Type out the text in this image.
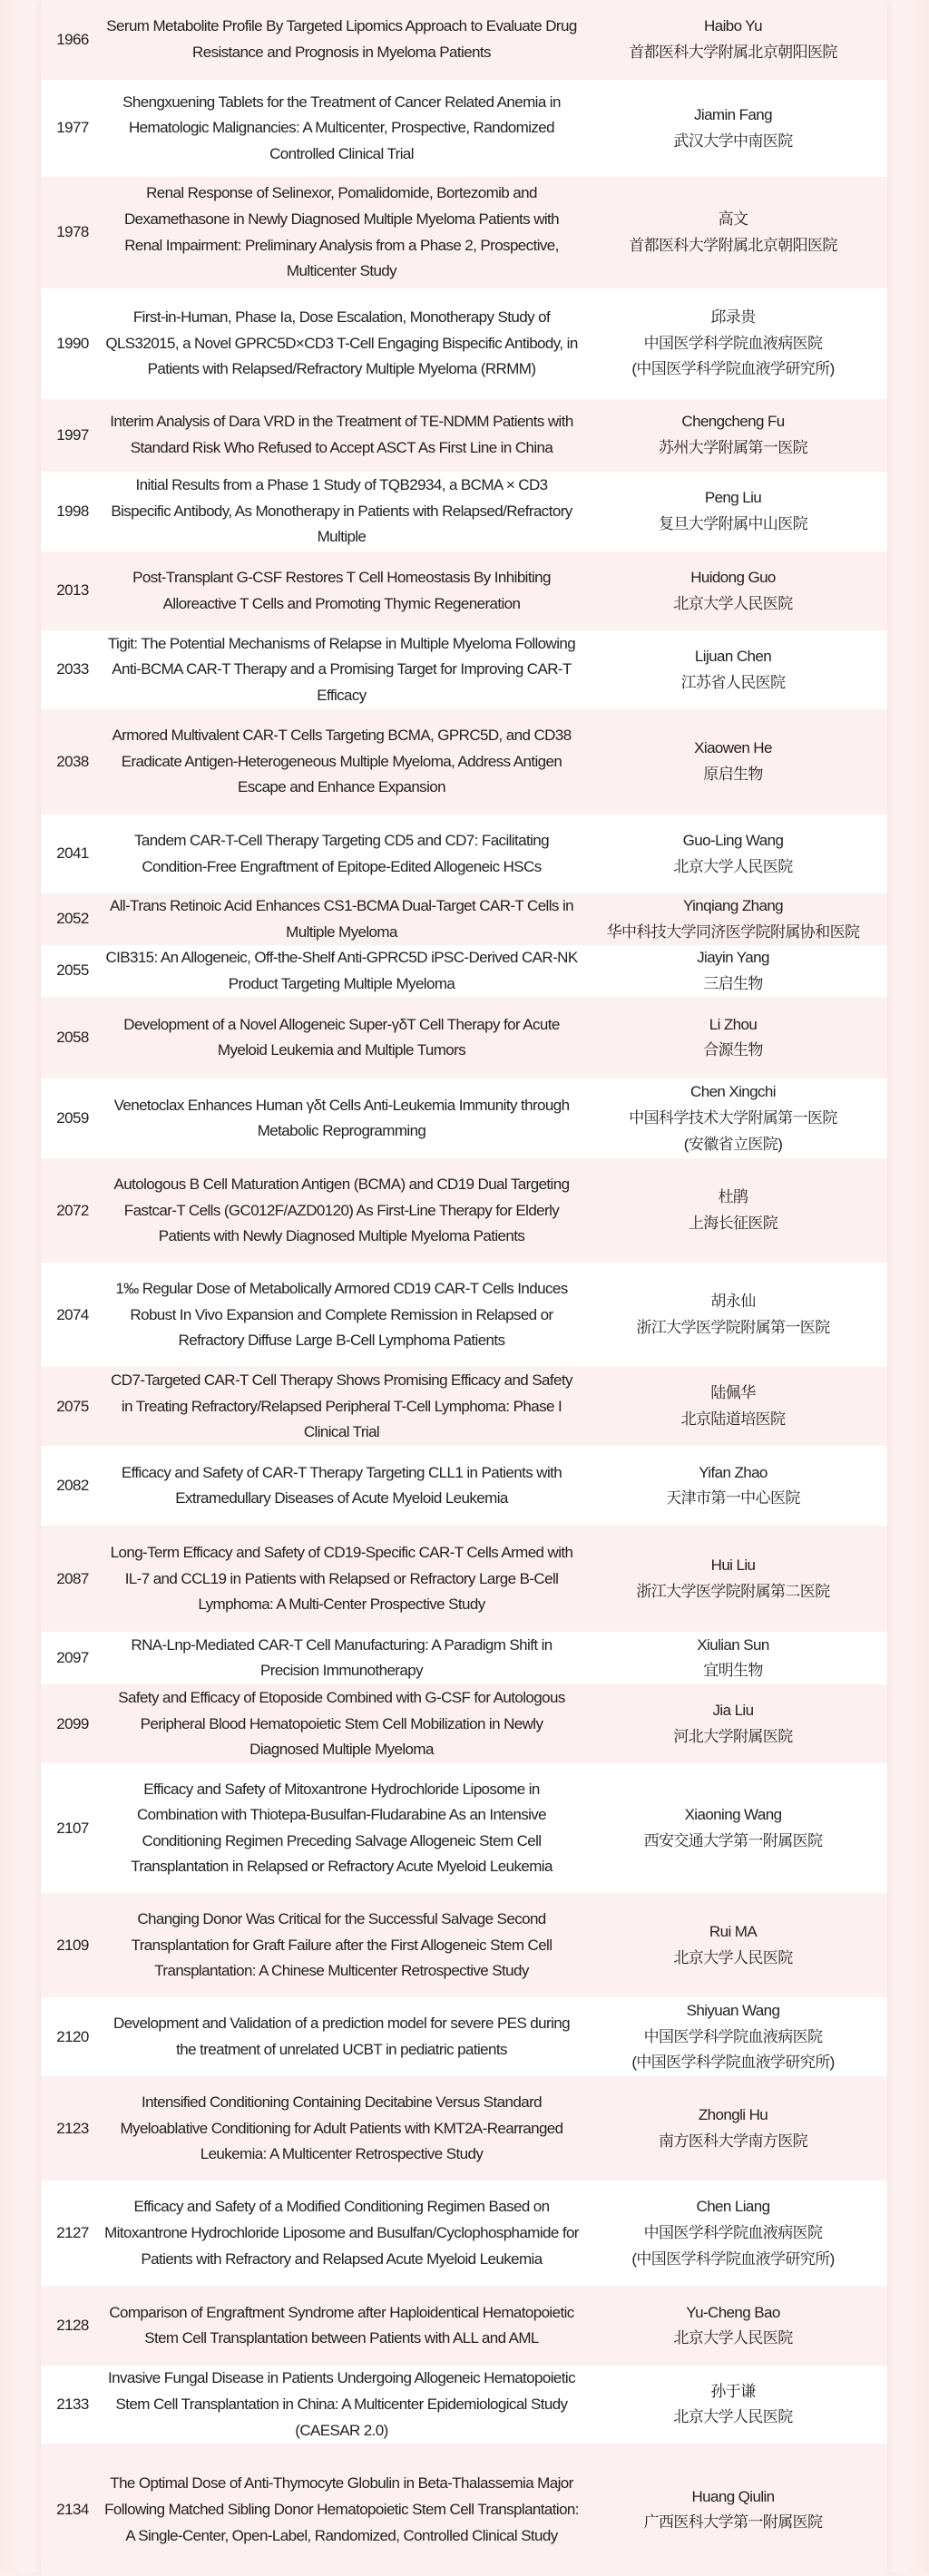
1966	Serum Metabolite Profile By Targeted Lipomics Approach to Evaluate Drug Resistance and Prognosis in Myeloma Patients	Haibo Yu
首都医科大学附属北京朝阳医院

1977	Shengxuening Tablets for the Treatment of Cancer Related Anemia in Hematologic Malignancies: A Multicenter, Prospective, Randomized Controlled Clinical Trial	Jiamin Fang
武汉大学中南医院

1978	Renal Response of Selinexor, Pomalidomide, Bortezomib and Dexamethasone in Newly Diagnosed Multiple Myeloma Patients with Renal Impairment: Preliminary Analysis from a Phase 2, Prospective, Multicenter Study	高文
首都医科大学附属北京朝阳医院

1990	First-in-Human, Phase Ia, Dose Escalation, Monotherapy Study of QLS32015, a Novel GPRC5D×CD3 T-Cell Engaging Bispecific Antibody, in Patients with Relapsed/Refractory Multiple Myeloma (RRMM)	邱录贵
中国医学科学院血液病医院
(中国医学科学院血液学研究所)

1997	Interim Analysis of Dara VRD in the Treatment of TE-NDMM Patients with Standard Risk Who Refused to Accept ASCT As First Line in China	Chengcheng Fu
苏州大学附属第一医院

1998	Initial Results from a Phase 1 Study of TQB2934, a BCMA × CD3 Bispecific Antibody, As Monotherapy in Patients with Relapsed/Refractory Multiple	Peng Liu
复旦大学附属中山医院

2013	Post-Transplant G-CSF Restores T Cell Homeostasis By Inhibiting Alloreactive T Cells and Promoting Thymic Regeneration	Huidong Guo
北京大学人民医院

2033	Tigit: The Potential Mechanisms of Relapse in Multiple Myeloma Following Anti-BCMA CAR-T Therapy and a Promising Target for Improving CAR-T Efficacy	Lijuan Chen
江苏省人民医院

2038	Armored Multivalent CAR-T Cells Targeting BCMA, GPRC5D, and CD38 Eradicate Antigen-Heterogeneous Multiple Myeloma, Address Antigen Escape and Enhance Expansion	Xiaowen He
原启生物

2041	Tandem CAR-T-Cell Therapy Targeting CD5 and CD7: Facilitating Condition-Free Engraftment of Epitope-Edited Allogeneic HSCs	Guo-Ling Wang
北京大学人民医院

2052	All-Trans Retinoic Acid Enhances CS1-BCMA Dual-Target CAR-T Cells in Multiple Myeloma	Yinqiang Zhang
华中科技大学同济医学院附属协和医院

2055	CIB315: An Allogeneic, Off-the-Shelf Anti-GPRC5D iPSC-Derived CAR-NK Product Targeting Multiple Myeloma	Jiayin Yang
三启生物

2058	Development of a Novel Allogeneic Super-γδT Cell Therapy for Acute Myeloid Leukemia and Multiple Tumors	Li Zhou
合源生物

2059	Venetoclax Enhances Human γδt Cells Anti-Leukemia Immunity through Metabolic Reprogramming	Chen Xingchi
中国科学技术大学附属第一医院
(安徽省立医院)

2072	Autologous B Cell Maturation Antigen (BCMA) and CD19 Dual Targeting Fastcar-T Cells (GC012F/AZD0120) As First-Line Therapy for Elderly Patients with Newly Diagnosed Multiple Myeloma Patients	杜鹃
上海长征医院

2074	1‰ Regular Dose of Metabolically Armored CD19 CAR-T Cells Induces Robust In Vivo Expansion and Complete Remission in Relapsed or Refractory Diffuse Large B-Cell Lymphoma Patients	胡永仙
浙江大学医学院附属第一医院

2075	CD7-Targeted CAR-T Cell Therapy Shows Promising Efficacy and Safety in Treating Refractory/Relapsed Peripheral T-Cell Lymphoma: Phase I Clinical Trial	陆佩华
北京陆道培医院

2082	Efficacy and Safety of CAR-T Therapy Targeting CLL1 in Patients with Extramedullary Diseases of Acute Myeloid Leukemia	Yifan Zhao
天津市第一中心医院

2087	Long-Term Efficacy and Safety of CD19-Specific CAR-T Cells Armed with IL-7 and CCL19 in Patients with Relapsed or Refractory Large B-Cell Lymphoma: A Multi-Center Prospective Study	Hui Liu
浙江大学医学院附属第二医院

2097	RNA-Lnp-Mediated CAR-T Cell Manufacturing: A Paradigm Shift in Precision Immunotherapy	Xiulian Sun
宜明生物

2099	Safety and Efficacy of Etoposide Combined with G-CSF for Autologous Peripheral Blood Hematopoietic Stem Cell Mobilization in Newly Diagnosed Multiple Myeloma	Jia Liu
河北大学附属医院

2107	Efficacy and Safety of Mitoxantrone Hydrochloride Liposome in Combination with Thiotepa-Busulfan-Fludarabine As an Intensive Conditioning Regimen Preceding Salvage Allogeneic Stem Cell Transplantation in Relapsed or Refractory Acute Myeloid Leukemia	Xiaoning Wang
西安交通大学第一附属医院

2109	Changing Donor Was Critical for the Successful Salvage Second Transplantation for Graft Failure after the First Allogeneic Stem Cell Transplantation: A Chinese Multicenter Retrospective Study	Rui MA
北京大学人民医院

2120	Development and Validation of a prediction model for severe PES during the treatment of unrelated UCBT in pediatric patients	Shiyuan Wang
中国医学科学院血液病医院
(中国医学科学院血液学研究所)

2123	Intensified Conditioning Containing Decitabine Versus Standard Myeloablative Conditioning for Adult Patients with KMT2A-Rearranged Leukemia: A Multicenter Retrospective Study	Zhongli Hu
南方医科大学南方医院

2127	Efficacy and Safety of a Modified Conditioning Regimen Based on Mitoxantrone Hydrochloride Liposome and Busulfan/Cyclophosphamide for Patients with Refractory and Relapsed Acute Myeloid Leukemia	Chen Liang
中国医学科学院血液病医院
(中国医学科学院血液学研究所)

2128	Comparison of Engraftment Syndrome after Haploidentical Hematopoietic Stem Cell Transplantation between Patients with ALL and AML	Yu-Cheng Bao
北京大学人民医院

2133	Invasive Fungal Disease in Patients Undergoing Allogeneic Hematopoietic Stem Cell Transplantation in China: A Multicenter Epidemiological Study (CAESAR 2.0)	孙于谦
北京大学人民医院

2134	The Optimal Dose of Anti-Thymocyte Globulin in Beta-Thalassemia Major Following Matched Sibling Donor Hematopoietic Stem Cell Transplantation: A Single-Center, Open-Label, Randomized, Controlled Clinical Study	Huang Qiulin
广西医科大学第一附属医院
